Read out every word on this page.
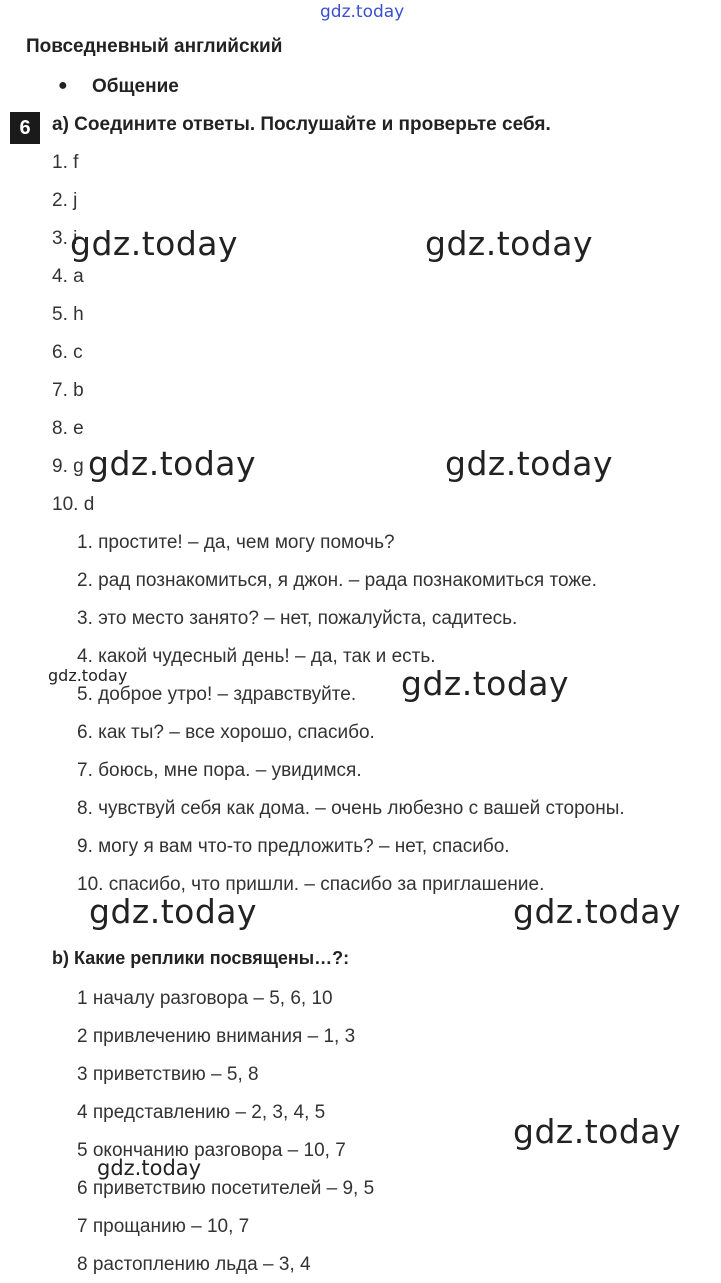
gdz.today
Повседневный английский
● Общение
6	a) Соедините ответы. Послушайте и проверьте себя.
1. f
2. j
3. i
4. a
5. h
6. c
7. b
8. e
9. g
10. d
1. простите! – да, чем могу помочь?
2. рад познакомиться, я джон. – рада познакомиться тоже.
3. это место занято? – нет, пожалуйста, садитесь.
4. какой чудесный день! – да, так и есть.
5. доброе утро! – здравствуйте.
6. как ты? – все хорошо, спасибо.
7. боюсь, мне пора. – увидимся.
8. чувствуй себя как дома. – очень любезно с вашей стороны.
9. могу я вам что-то предложить? – нет, спасибо.
10. спасибо, что пришли. – спасибо за приглашение.
b) Какие реплики посвящены…?:
1 началу разговора – 5, 6, 10
2 привлечению внимания – 1, 3
3 приветствию – 5, 8
4 представлению – 2, 3, 4, 5
5 окончанию разговора – 10, 7
6 приветствию посетителей – 9, 5
7 прощанию – 10, 7
8 растоплению льда – 3, 4
gdz.today	gdz.today
gdz.today	gdz.today
gdz.today	gdz.today
gdz.today	gdz.today
gdz.today
gdz.today
